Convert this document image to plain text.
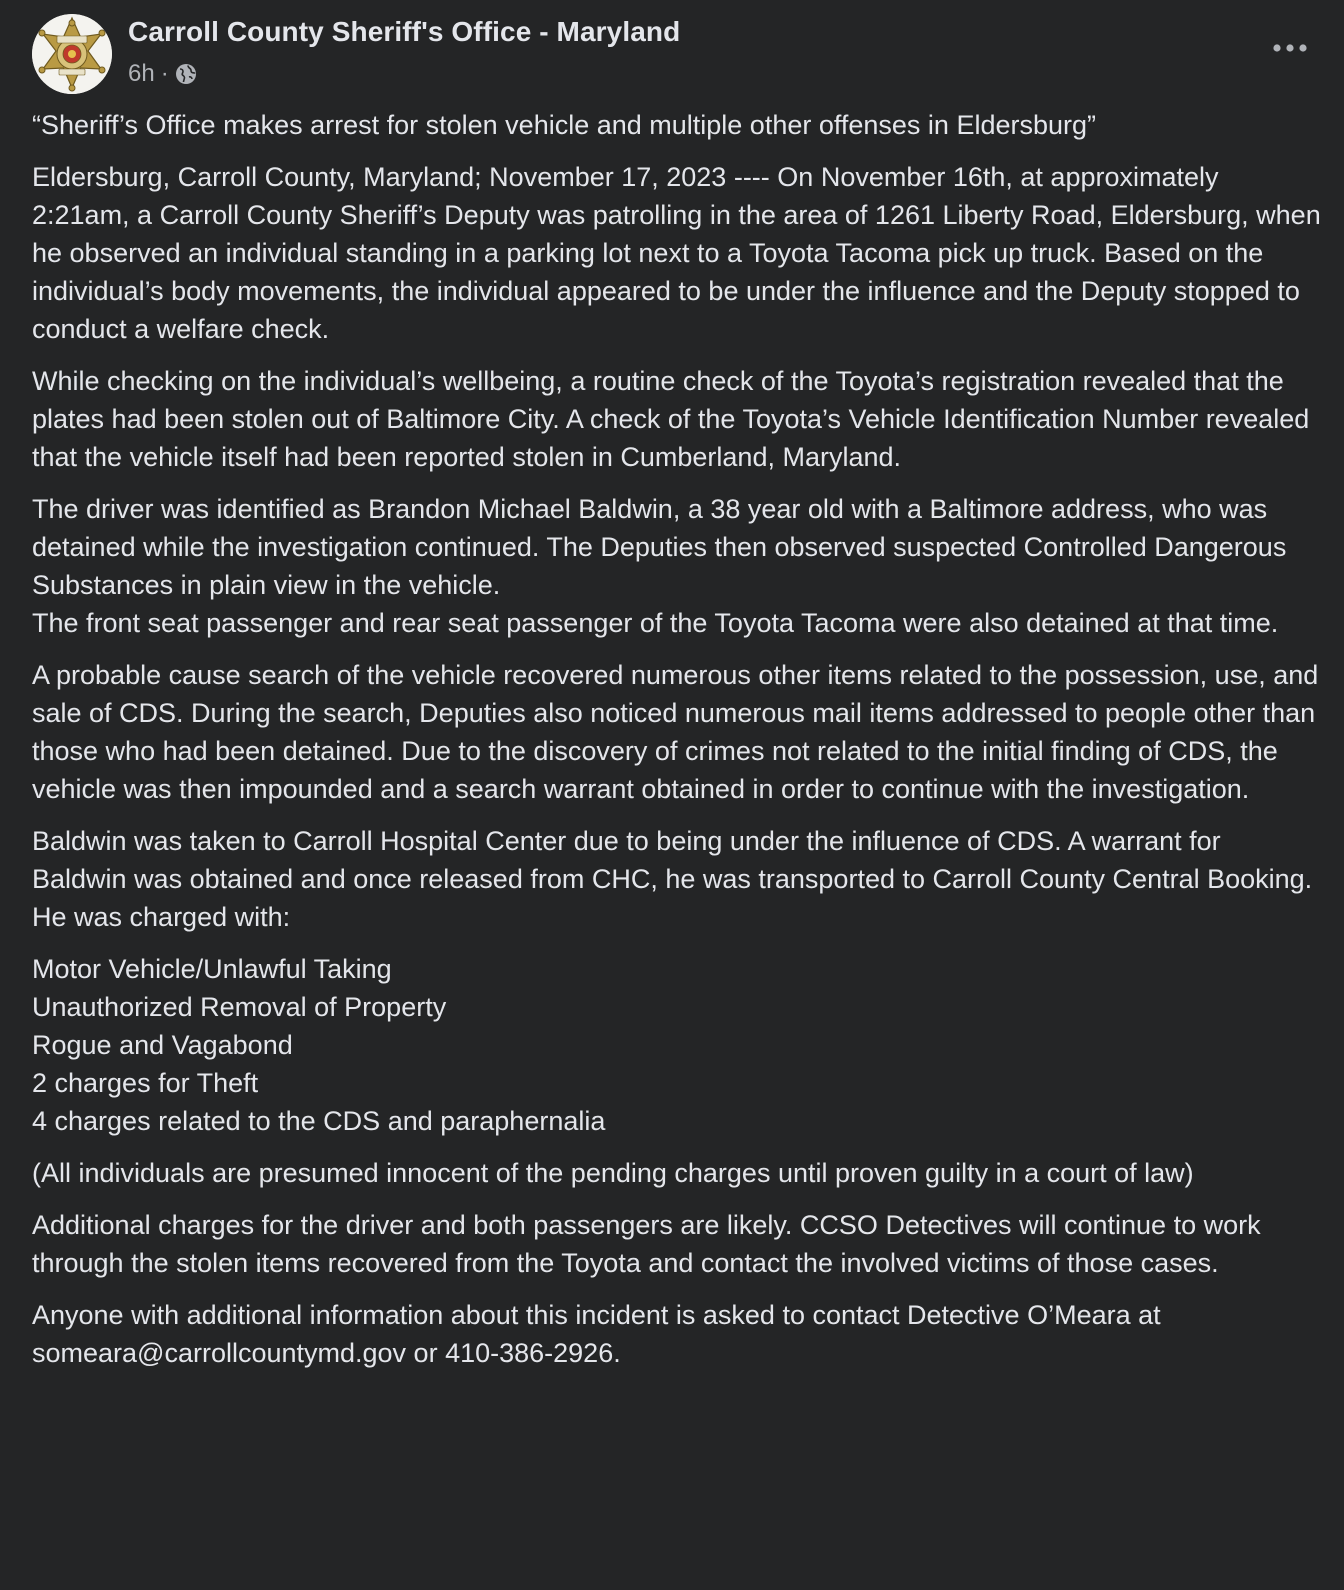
Carroll County Sheriff's Office - Maryland
6h ·

“Sheriff’s Office makes arrest for stolen vehicle and multiple other offenses in Eldersburg”

Eldersburg, Carroll County, Maryland; November 17, 2023 ---- On November 16th, at approximately 2:21am, a Carroll County Sheriff’s Deputy was patrolling in the area of 1261 Liberty Road, Eldersburg, when he observed an individual standing in a parking lot next to a Toyota Tacoma pick up truck. Based on the individual’s body movements, the individual appeared to be under the influence and the Deputy stopped to conduct a welfare check.

While checking on the individual’s wellbeing, a routine check of the Toyota’s registration revealed that the plates had been stolen out of Baltimore City. A check of the Toyota’s Vehicle Identification Number revealed that the vehicle itself had been reported stolen in Cumberland, Maryland.

The driver was identified as Brandon Michael Baldwin, a 38 year old with a Baltimore address, who was detained while the investigation continued. The Deputies then observed suspected Controlled Dangerous Substances in plain view in the vehicle.
The front seat passenger and rear seat passenger of the Toyota Tacoma were also detained at that time.

A probable cause search of the vehicle recovered numerous other items related to the possession, use, and sale of CDS. During the search, Deputies also noticed numerous mail items addressed to people other than those who had been detained. Due to the discovery of crimes not related to the initial finding of CDS, the vehicle was then impounded and a search warrant obtained in order to continue with the investigation.

Baldwin was taken to Carroll Hospital Center due to being under the influence of CDS. A warrant for Baldwin was obtained and once released from CHC, he was transported to Carroll County Central Booking. He was charged with:

Motor Vehicle/Unlawful Taking
Unauthorized Removal of Property
Rogue and Vagabond
2 charges for Theft
4 charges related to the CDS and paraphernalia

(All individuals are presumed innocent of the pending charges until proven guilty in a court of law)

Additional charges for the driver and both passengers are likely. CCSO Detectives will continue to work through the stolen items recovered from the Toyota and contact the involved victims of those cases.

Anyone with additional information about this incident is asked to contact Detective O’Meara at someara@carrollcountymd.gov or 410-386-2926.
